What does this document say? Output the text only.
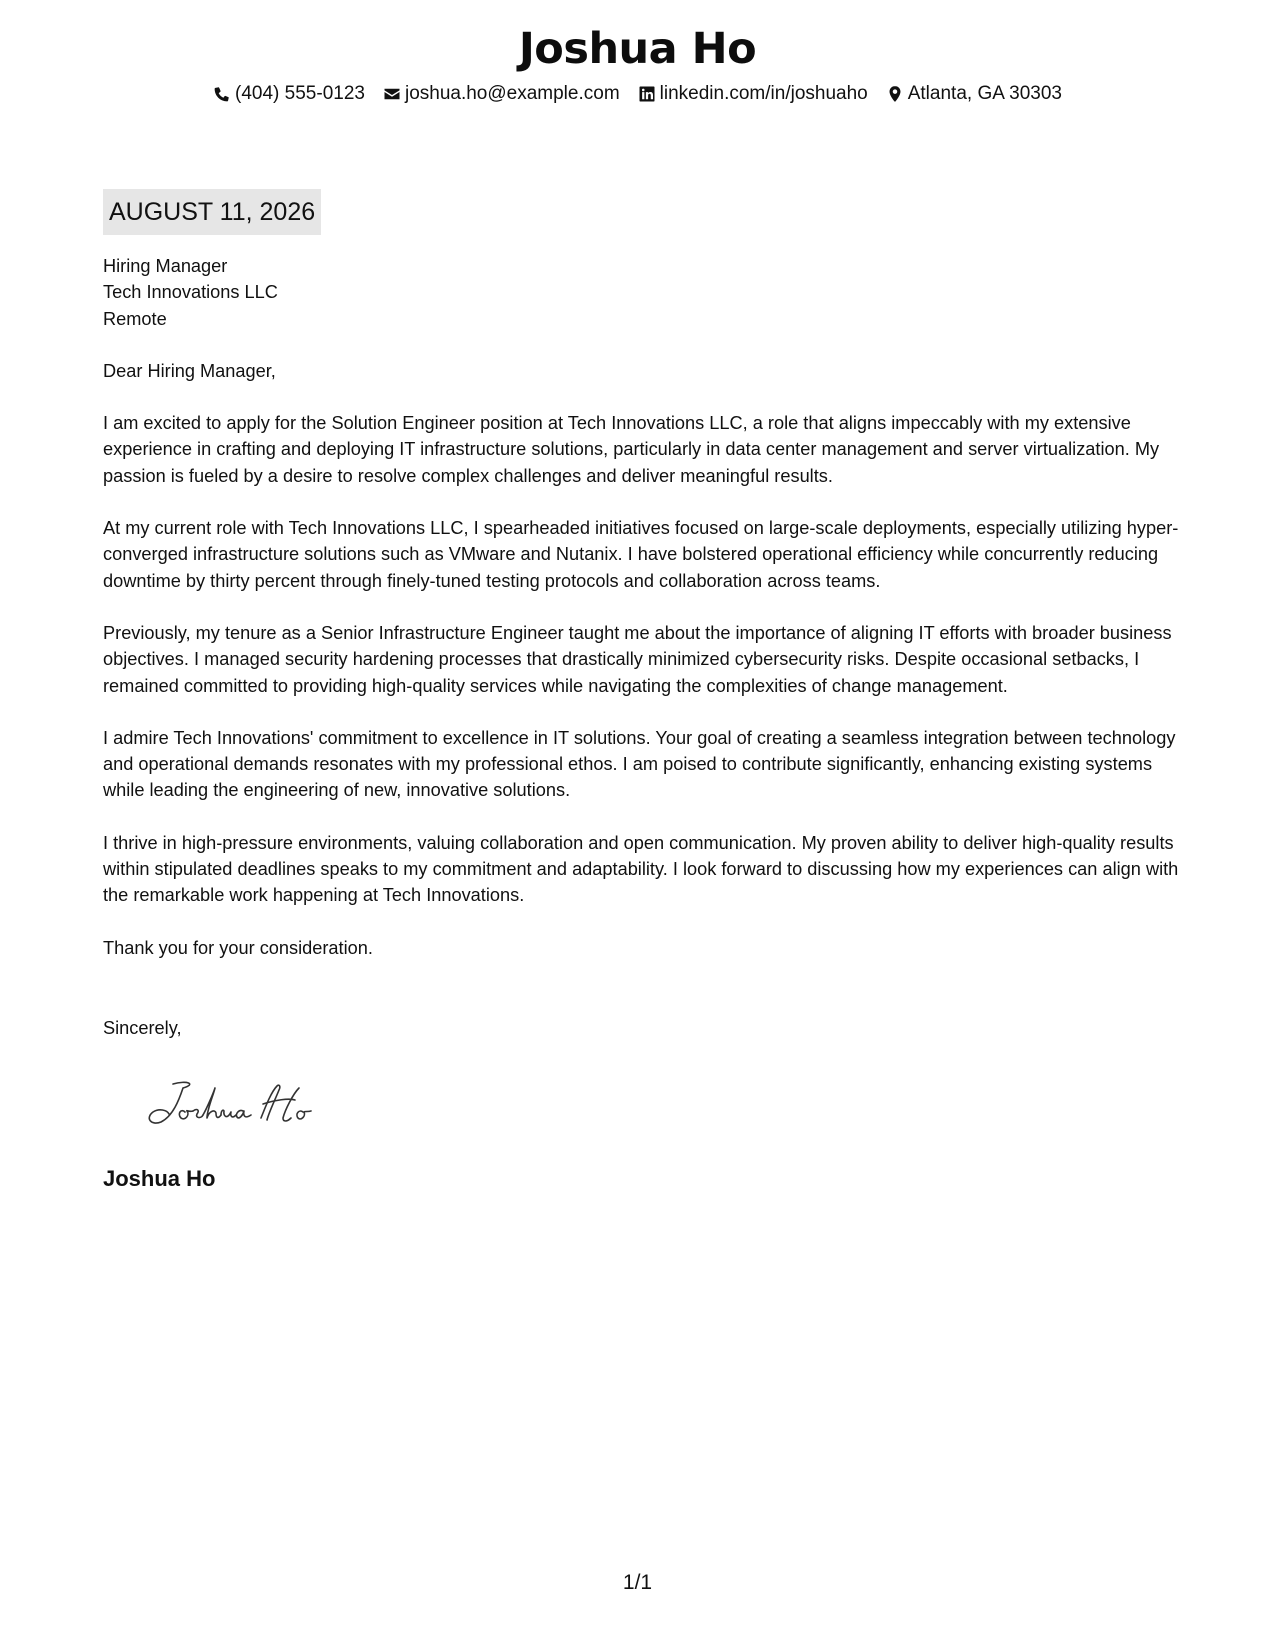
Joshua Ho
(404) 555-0123 joshua.ho@example.com linkedin.com/in/joshuaho Atlanta, GA 30303
AUGUST 11, 2026
Hiring Manager
Tech Innovations LLC
Remote

Dear Hiring Manager,

I am excited to apply for the Solution Engineer position at Tech Innovations LLC, a role that aligns impeccably with my extensive experience in crafting and deploying IT infrastructure solutions, particularly in data center management and server virtualization. My passion is fueled by a desire to resolve complex challenges and deliver meaningful results.

At my current role with Tech Innovations LLC, I spearheaded initiatives focused on large-scale deployments, especially utilizing hyper-converged infrastructure solutions such as VMware and Nutanix. I have bolstered operational efficiency while concurrently reducing downtime by thirty percent through finely-tuned testing protocols and collaboration across teams.

Previously, my tenure as a Senior Infrastructure Engineer taught me about the importance of aligning IT efforts with broader business objectives. I managed security hardening processes that drastically minimized cybersecurity risks. Despite occasional setbacks, I remained committed to providing high-quality services while navigating the complexities of change management.

I admire Tech Innovations' commitment to excellence in IT solutions. Your goal of creating a seamless integration between technology and operational demands resonates with my professional ethos. I am poised to contribute significantly, enhancing existing systems while leading the engineering of new, innovative solutions.

I thrive in high-pressure environments, valuing collaboration and open communication. My proven ability to deliver high-quality results within stipulated deadlines speaks to my commitment and adaptability. I look forward to discussing how my experiences can align with the remarkable work happening at Tech Innovations.

Thank you for your consideration.

Sincerely,

Joshua Ho
1/1
